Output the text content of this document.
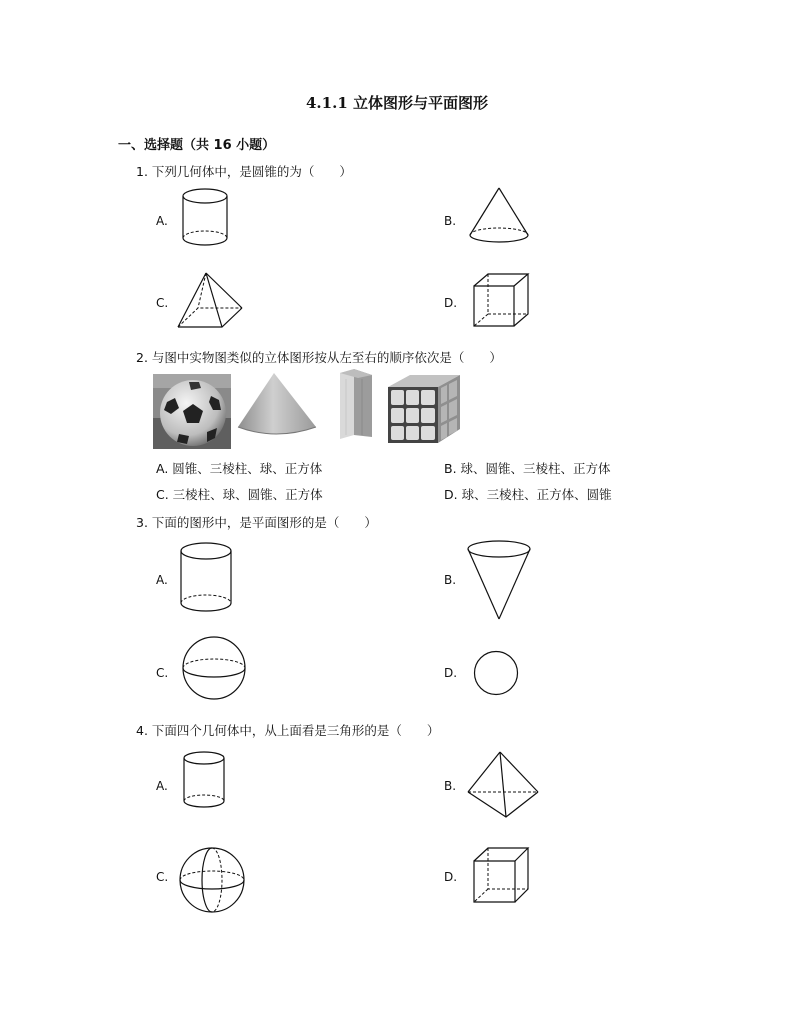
4.1.1 立体图形与平面图形
一、选择题（共 16 小题）
1. 下列几何体中，是圆锥的为（　　）
A.	B.
C.	D.
2. 与图中实物图类似的立体图形按从左至右的顺序依次是（　　）
A. 圆锥、三棱柱、球、正方体	B. 球、圆锥、三棱柱、正方体
C. 三棱柱、球、圆锥、正方体	D. 球、三棱柱、正方体、圆锥
3. 下面的图形中，是平面图形的是（　　）
A.	B.
C.	D.
4. 下面四个几何体中，从上面看是三角形的是（　　）
A.	B.
C.	D.
